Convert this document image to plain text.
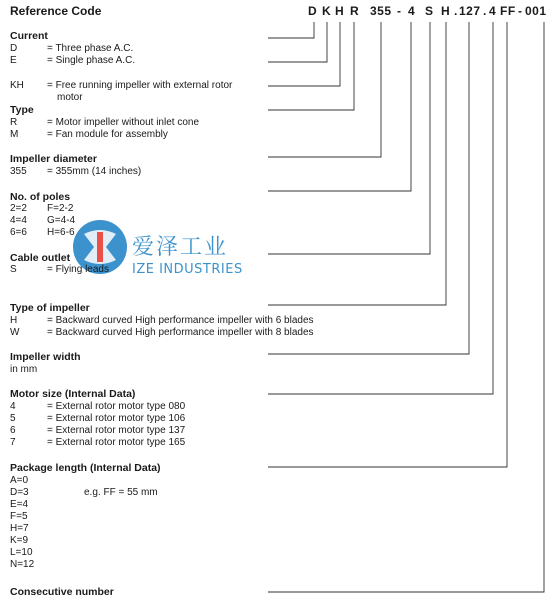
Reference Code	D K H R 355 - 4 S H . 127 . 4 FF - 001
爱泽工业
IZE INDUSTRIES
Current
D	= Three phase A.C.
E	= Single phase A.C.
KH = Free running impeller with external rotor
motor
Type
R	= Motor impeller without inlet cone
M	= Fan module for assembly
Impeller diameter
355 = 355mm (14 inches)
No. of poles
2=2 F=2-2
4=4 G=4-4
6=6 H=6-6
Cable outlet
S	= Flying leads
Type of impeller
H	= Backward curved High performance impeller with 6 blades
W	= Backward curved High performance impeller with 8 blades
Impeller width
in mm
Motor size (Internal Data)
4	= External rotor motor type 080
5	= External rotor motor type 106
6	= External rotor motor type 137
7	= External rotor motor type 165
Package length (Internal Data)
A=0
D=3
E=4
F=5
H=7
K=9
L=10
N=12
e.g. FF = 55 mm
Consecutive number
